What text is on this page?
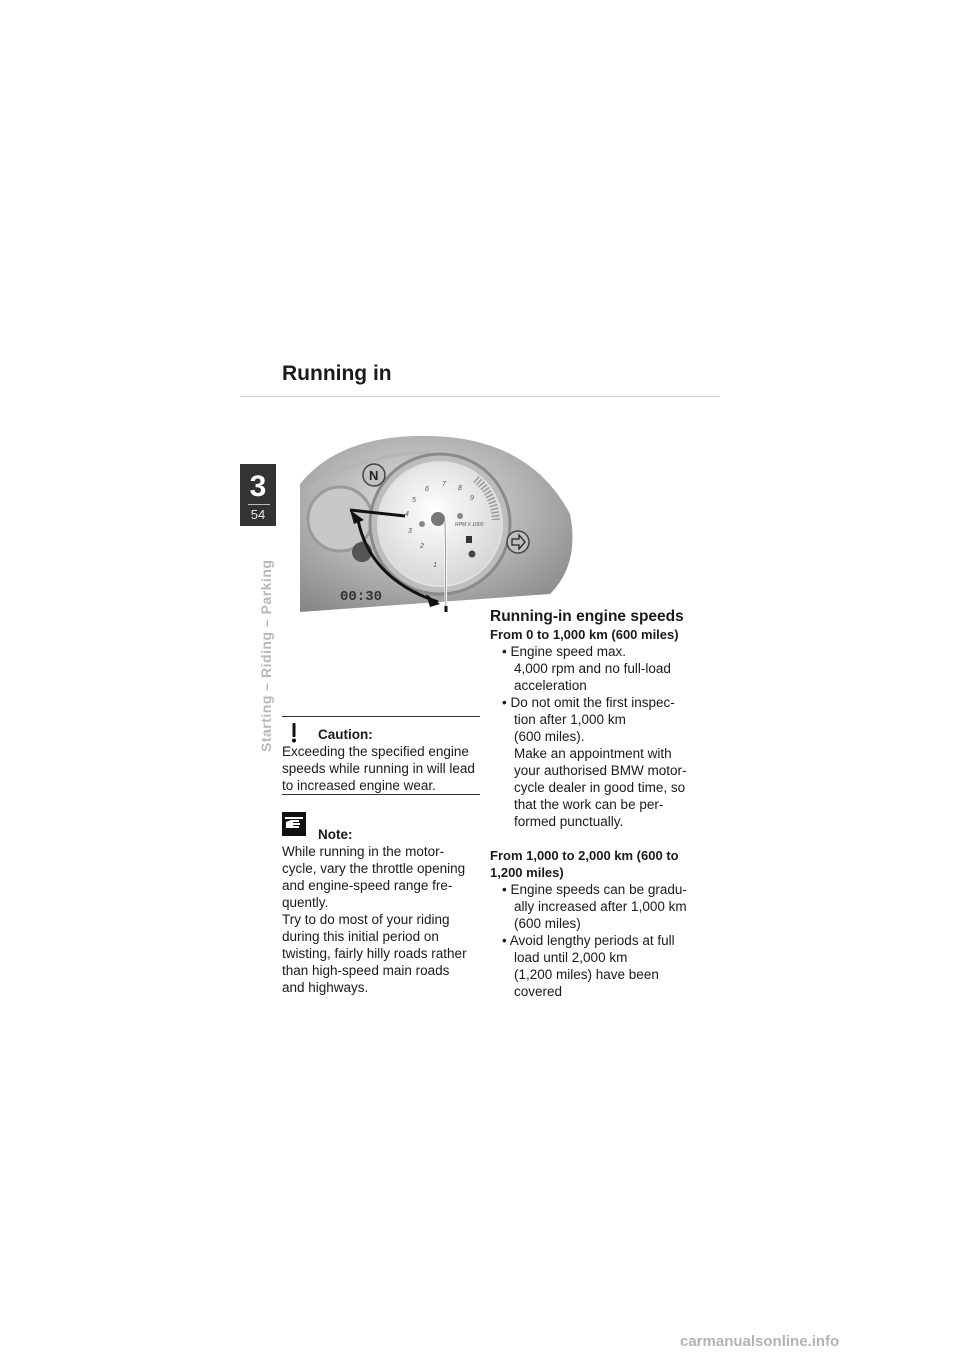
Running in
3
54
Starting – Riding – Parking	1
2
3
4
5
6
7
8
9
RPM X 1000
N
00:30
Caution:
Exceeding the specified engine
speeds while running in will lead
to increased engine wear.
Note:
While running in the motor-
cycle, vary the throttle opening
and engine-speed range fre-
quently.
Try to do most of your riding
during this initial period on
twisting, fairly hilly roads rather
than high-speed main roads
and highways.
Running-in engine speeds

From 0 to 1,000 km (600 miles)

• Engine speed max.
4,000 rpm and no full-load
acceleration
• Do not omit the first inspec-
tion after 1,000 km
(600 miles).
Make an appointment with
your authorised BMW motor-
cycle dealer in good time, so
that the work can be per-
formed punctually.

From 1,000 to 2,000 km (600 to

1,200 miles)

• Engine speeds can be gradu-
ally increased after 1,000 km
(600 miles)
• Avoid lengthy periods at full
load until 2,000 km
(1,200 miles) have been
covered
carmanualsonline.info
